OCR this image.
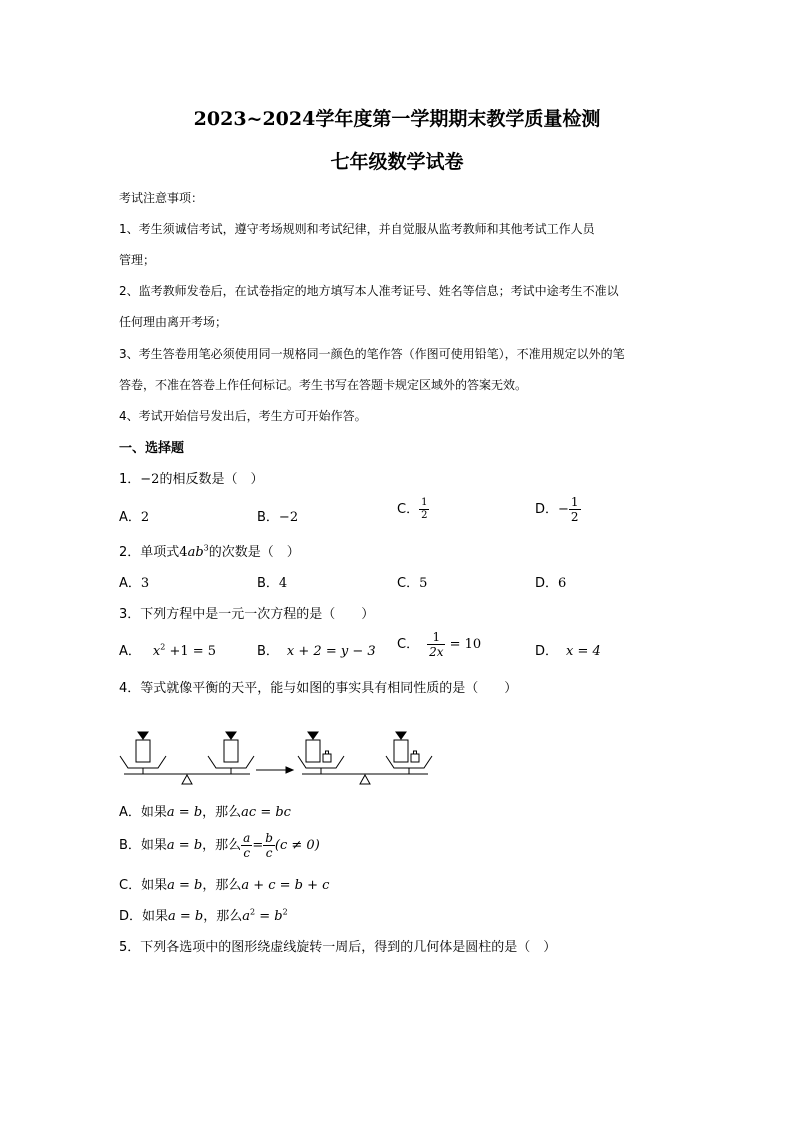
2023~2024学年度第一学期期末教学质量检测
七年级数学试卷
考试注意事项：
1、考生须诚信考试，遵守考场规则和考试纪律，并自觉服从监考教师和其他考试工作人员
管理；
2、监考教师发卷后，在试卷指定的地方填写本人准考证号、姓名等信息；考试中途考生不准以
任何理由离开考场；
3、考生答卷用笔必须使用同一规格同一颜色的笔作答（作图可使用铅笔），不准用规定以外的笔
答卷，不准在答卷上作任何标记。考生书写在答题卡规定区域外的答案无效。
4、考试开始信号发出后，考生方可开始作答。
一、选择题
1．−2的相反数是（　）
A．2	B．−2
C． $\frac{1}{2}$	D．− $\frac{1}{2}$
2．单项式$4ab^3$的次数是（　）
A．3	B．4	C．5	D．6
3．下列方程中是一元一次方程的是（　　）
A． $x^2 +1 = 5$	B． x + 2 = y − 3 C． $\frac{1}{2x} = 10$	D． x = 4
4．等式就像平衡的天平，能与如图的事实具有相同性质的是（　　）
A．如果a = b，那么ac = bc
B．如果a = b，那么 $\frac{a}{c} = \frac{b}{c} (c \ne 0)$
C．如果a = b，那么a + c = b + c
D．如果a = b，那么$a^2 = b^2$
5．下列各选项中的图形绕虚线旋转一周后，得到的几何体是圆柱的是（　）
